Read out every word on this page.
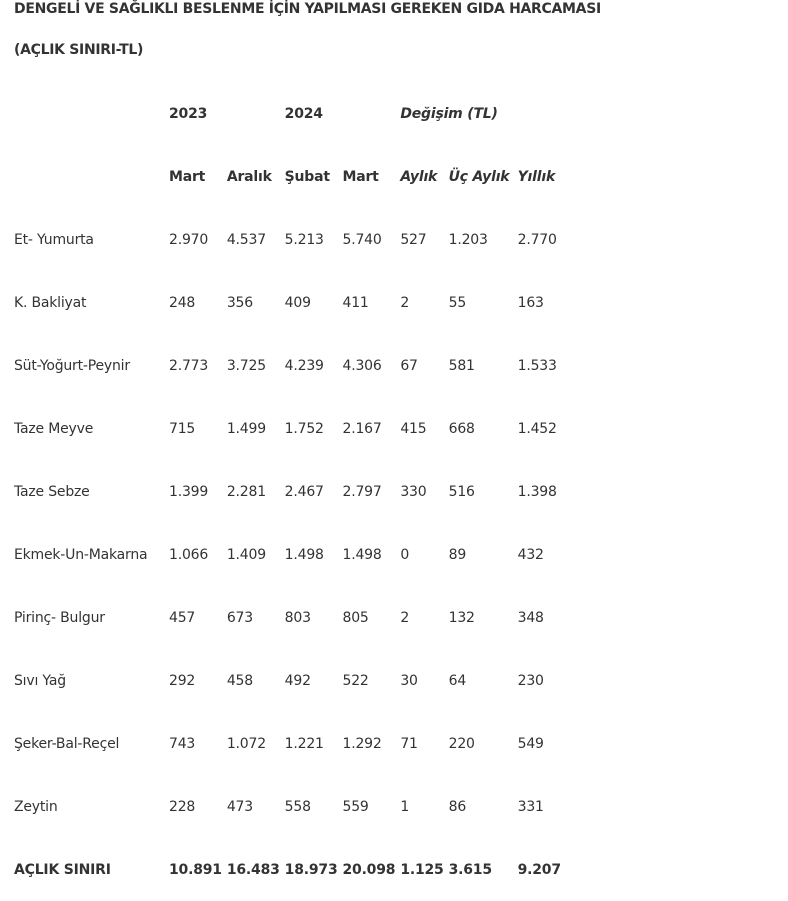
DENGELİ VE SAĞLIKLI BESLENME İÇİN YAPILMASI GEREKEN GIDA HARCAMASI
(AÇLIK SINIRI-TL)
	2023		2024		Değişim (TL)		
	Mart	Aralık	Şubat	Mart	Aylık	Üç Aylık	Yıllık
Et- Yumurta	2.970	4.537	5.213	5.740	527	1.203	2.770
K. Bakliyat	248	356	409	411	2	55	163
Süt-Yoğurt-Peynir	2.773	3.725	4.239	4.306	67	581	1.533
Taze Meyve	715	1.499	1.752	2.167	415	668	1.452
Taze Sebze	1.399	2.281	2.467	2.797	330	516	1.398
Ekmek-Un-Makarna	1.066	1.409	1.498	1.498	0	89	432
Pirinç- Bulgur	457	673	803	805	2	132	348
Sıvı Yağ	292	458	492	522	30	64	230
Şeker-Bal-Reçel	743	1.072	1.221	1.292	71	220	549
Zeytin	228	473	558	559	1	86	331
AÇLIK SINIRI	10.891	16.483	18.973	20.098	1.125	3.615	9.207
